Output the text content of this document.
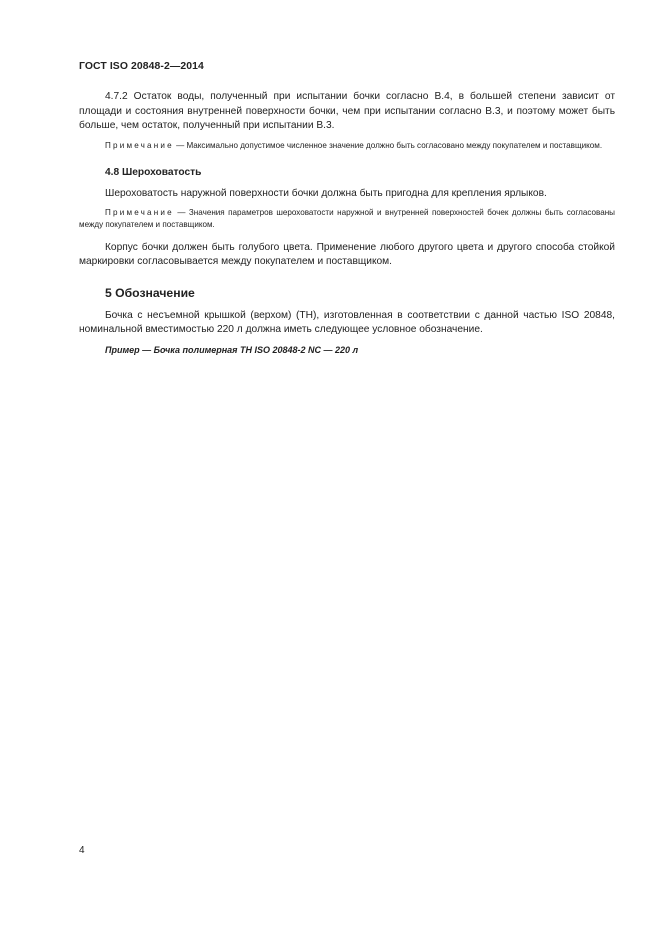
ГОСТ ISO 20848-2—2014

4.7.2 Остаток воды, полученный при испытании бочки согласно В.4, в большей степени зависит от площади и состояния внутренней поверхности бочки, чем при испытании согласно В.3, и поэтому может быть больше, чем остаток, полученный при испытании В.3.

Примечание — Максимально допустимое численное значение должно быть согласовано между покупателем и поставщиком.

4.8 Шероховатость

Шероховатость наружной поверхности бочки должна быть пригодна для крепления ярлыков.

Примечание — Значения параметров шероховатости наружной и внутренней поверхностей бочек должны быть согласованы между покупателем и поставщиком.

Корпус бочки должен быть голубого цвета. Применение любого другого цвета и другого способа стойкой маркировки согласовывается между покупателем и поставщиком.

5 Обозначение

Бочка с несъемной крышкой (верхом) (TH), изготовленная в соответствии с данной частью ISO 20848, номинальной вместимостью 220 л должна иметь следующее условное обозначение.

Пример — Бочка полимерная TH ISO 20848-2 NC — 220 л

4
